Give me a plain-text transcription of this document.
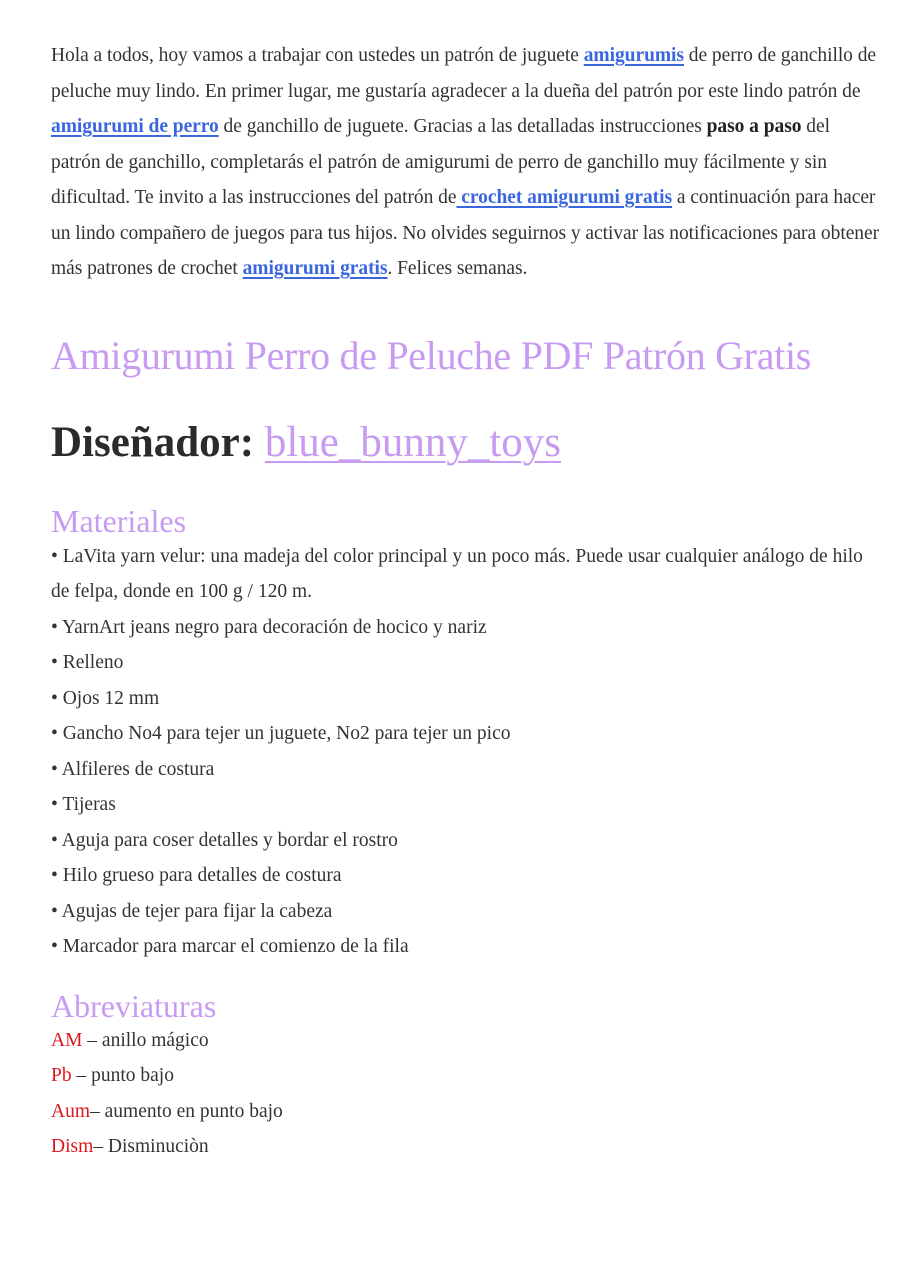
Hola a todos, hoy vamos a trabajar con ustedes un patrón de juguete amigurumis de perro de ganchillo de peluche muy lindo. En primer lugar, me gustaría agradecer a la dueña del patrón por este lindo patrón de amigurumi de perro de ganchillo de juguete. Gracias a las detalladas instrucciones paso a paso del patrón de ganchillo, completarás el patrón de amigurumi de perro de ganchillo muy fácilmente y sin dificultad. Te invito a las instrucciones del patrón de crochet amigurumi gratis a continuación para hacer un lindo compañero de juegos para tus hijos. No olvides seguirnos y activar las notificaciones para obtener más patrones de crochet amigurumi gratis. Felices semanas.

Amigurumi Perro de Peluche PDF Patrón Gratis
Diseñador: blue_bunny_toys
Materiales
• LaVita yarn velur: una madeja del color principal y un poco más. Puede usar cualquier análogo de hilo de felpa, donde en 100 g / 120 m.
• YarnArt jeans negro para decoración de hocico y nariz
• Relleno
• Ojos 12 mm
• Gancho No4 para tejer un juguete, No2 para tejer un pico
• Alfileres de costura
• Tijeras
• Aguja para coser detalles y bordar el rostro
• Hilo grueso para detalles de costura
• Agujas de tejer para fijar la cabeza
• Marcador para marcar el comienzo de la fila
Abreviaturas
AM – anillo mágico
Pb – punto bajo
Aum– aumento en punto bajo
Dism– Disminuciòn
